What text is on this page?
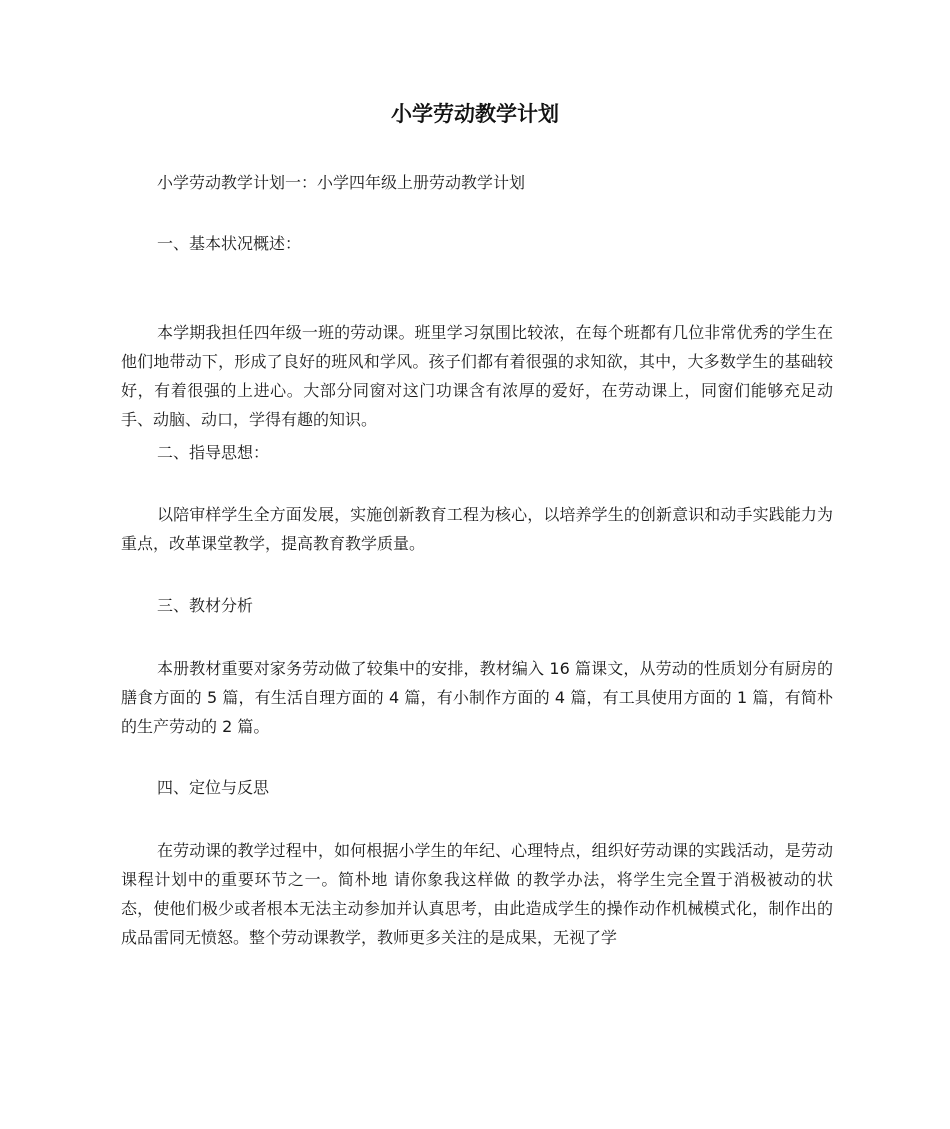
小学劳动教学计划

小学劳动教学计划一：小学四年级上册劳动教学计划

一、基本状况概述：

本学期我担任四年级一班的劳动课。班里学习氛围比较浓，在每个班都有几位非常优秀的学生在他们地带动下，形成了良好的班风和学风。孩子们都有着很强的求知欲，其中，大多数学生的基础较好，有着很强的上进心。大部分同窗对这门功课含有浓厚的爱好，在劳动课上，同窗们能够充足动手、动脑、动口，学得有趣的知识。

二、指导思想：

以陪审样学生全方面发展，实施创新教育工程为核心，以培养学生的创新意识和动手实践能力为重点，改革课堂教学，提高教育教学质量。

三、教材分析

本册教材重要对家务劳动做了较集中的安排，教材编入 16 篇课文，从劳动的性质划分有厨房的膳食方面的 5 篇，有生活自理方面的 4 篇，有小制作方面的 4 篇，有工具使用方面的 1 篇，有简朴的生产劳动的 2 篇。

四、定位与反思

在劳动课的教学过程中，如何根据小学生的年纪、心理特点，组织好劳动课的实践活动，是劳动课程计划中的重要环节之一。简朴地 请你象我这样做 的教学办法，将学生完全置于消极被动的状态，使他们极少或者根本无法主动参加并认真思考，由此造成学生的操作动作机械模式化，制作出的成品雷同无愤怒。整个劳动课教学，教师更多关注的是成果，无视了学
